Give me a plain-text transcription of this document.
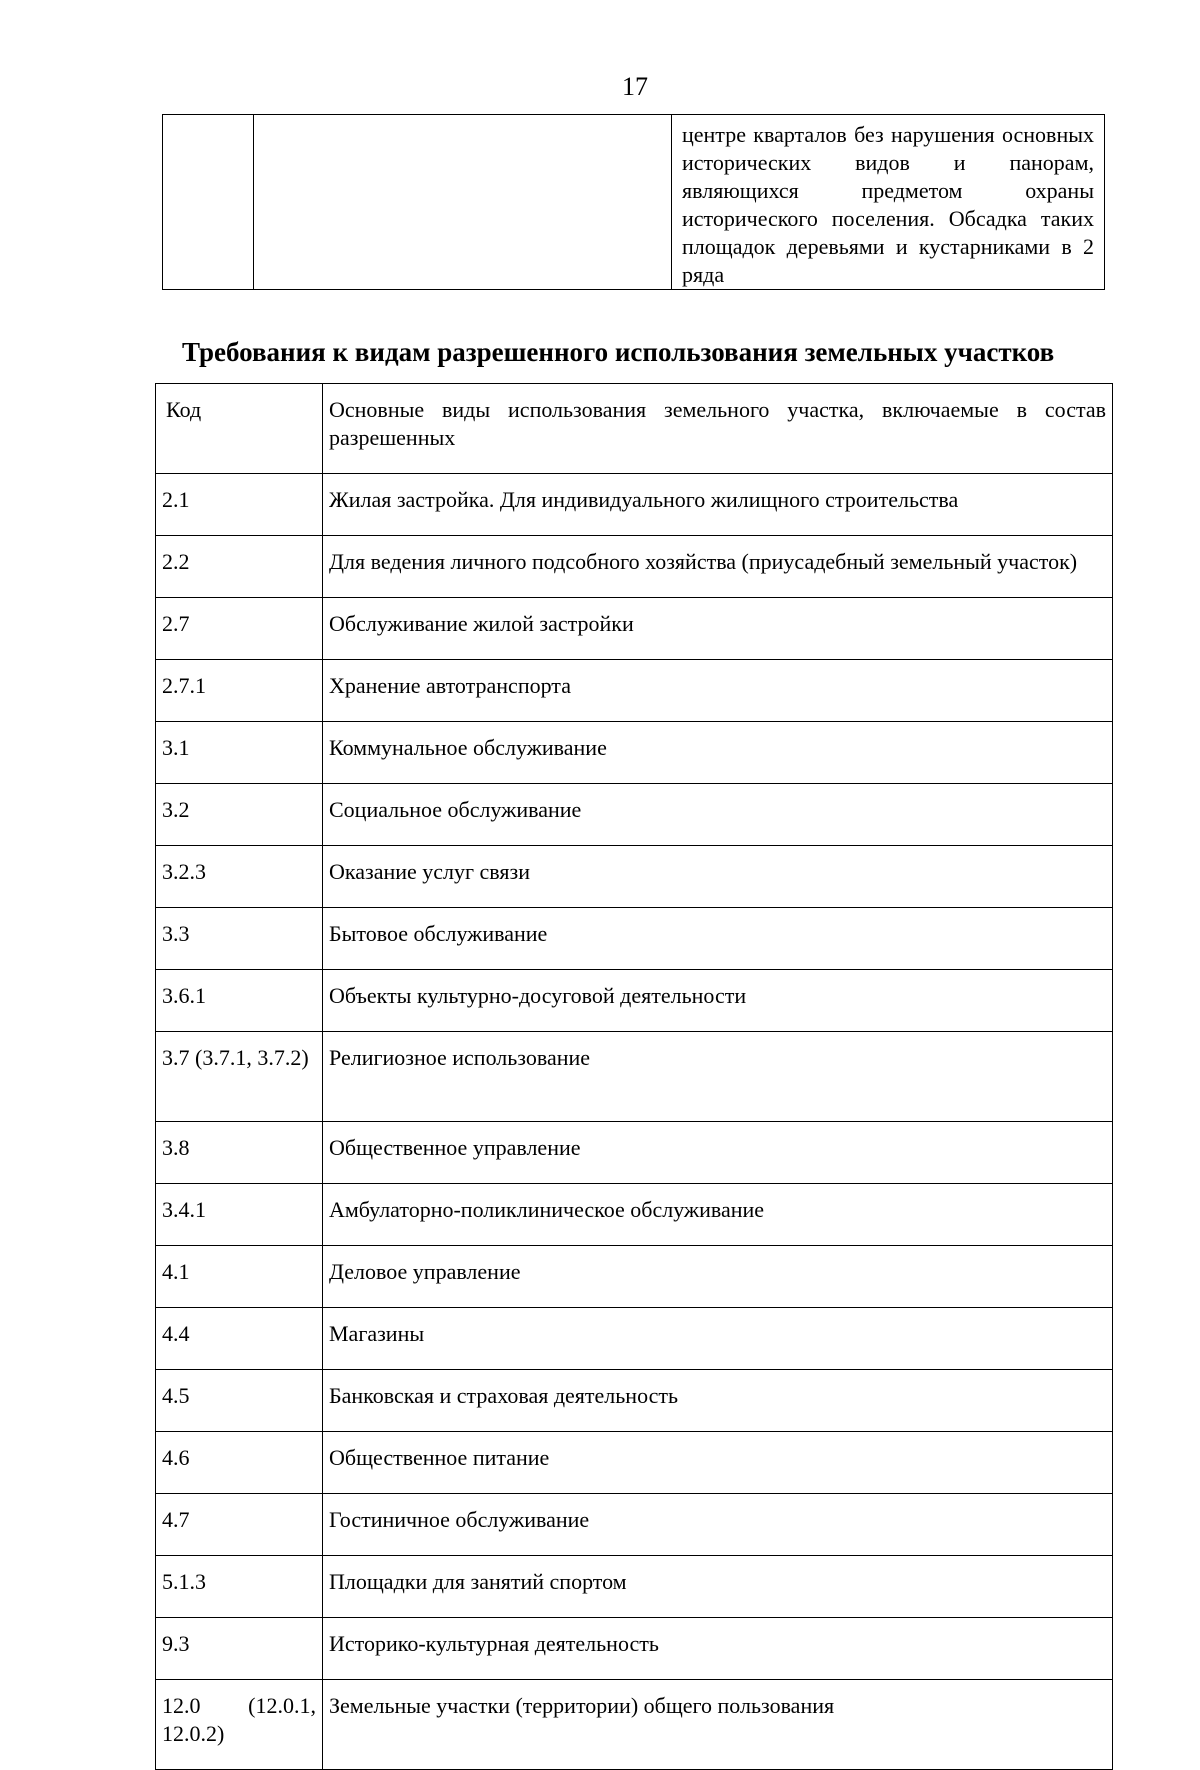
17

центре кварталов без нарушения основных исторических видов и панорам, являющихся предметом охраны исторического поселения. Обсадка таких площадок деревьями и кустарниками в 2 ряда
Требования к видам разрешенного использования земельных участков
Код	Основные виды использования земельного участка, включаемые в состав разрешенных
2.1	Жилая застройка. Для индивидуального жилищного строительства
2.2	Для ведения личного подсобного хозяйства (приусадебный земельный участок)
2.7	Обслуживание жилой застройки
2.7.1	Хранение автотранспорта
3.1	Коммунальное обслуживание
3.2	Социальное обслуживание
3.2.3	Оказание услуг связи
3.3	Бытовое обслуживание
3.6.1	Объекты культурно-досуговой деятельности
3.7 (3.7.1, 3.7.2)	Религиозное использование
3.8	Общественное управление
3.4.1	Амбулаторно-поликлиническое обслуживание
4.1	Деловое управление
4.4	Магазины
4.5	Банковская и страховая деятельность
4.6	Общественное питание
4.7	Гостиничное обслуживание
5.1.3	Площадки для занятий спортом
9.3	Историко-культурная деятельность
12.0 (12.0.1, 12.0.2)	Земельные участки (территории) общего пользования
